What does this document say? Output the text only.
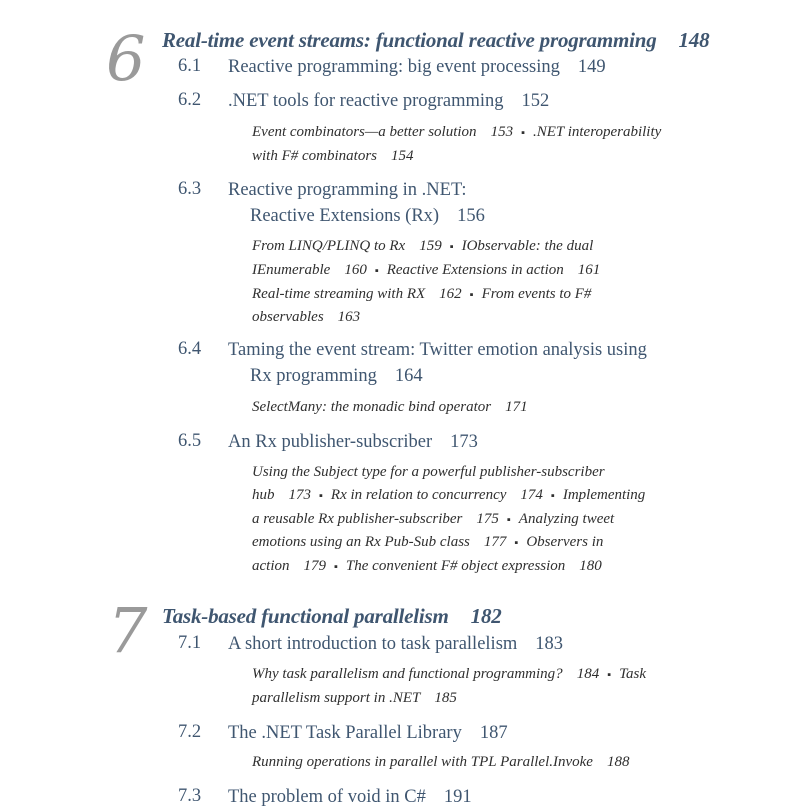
6 Real-time event streams: functional reactive programming 148
6.1 Reactive programming: big event processing 149
6.2 .NET tools for reactive programming 152
Event combinators—a better solution 153 ▪ .NET interoperability
with F# combinators 154
6.3 Reactive programming in .NET:
Reactive Extensions (Rx) 156
From LINQ/PLINQ to Rx 159 ▪ IObservable: the dual
IEnumerable 160 ▪ Reactive Extensions in action 161
Real-time streaming with RX 162 ▪ From events to F#
observables 163
6.4 Taming the event stream: Twitter emotion analysis using
Rx programming 164
SelectMany: the monadic bind operator 171
6.5 An Rx publisher-subscriber 173
Using the Subject type for a powerful publisher-subscriber
hub 173 ▪ Rx in relation to concurrency 174 ▪ Implementing
a reusable Rx publisher-subscriber 175 ▪ Analyzing tweet
emotions using an Rx Pub-Sub class 177 ▪ Observers in
action 179 ▪ The convenient F# object expression 180
7 Task-based functional parallelism 182
7.1 A short introduction to task parallelism 183
Why task parallelism and functional programming? 184 ▪ Task
parallelism support in .NET 185
7.2 The .NET Task Parallel Library 187
Running operations in parallel with TPL Parallel.Invoke 188
7.3 The problem of void in C# 191
